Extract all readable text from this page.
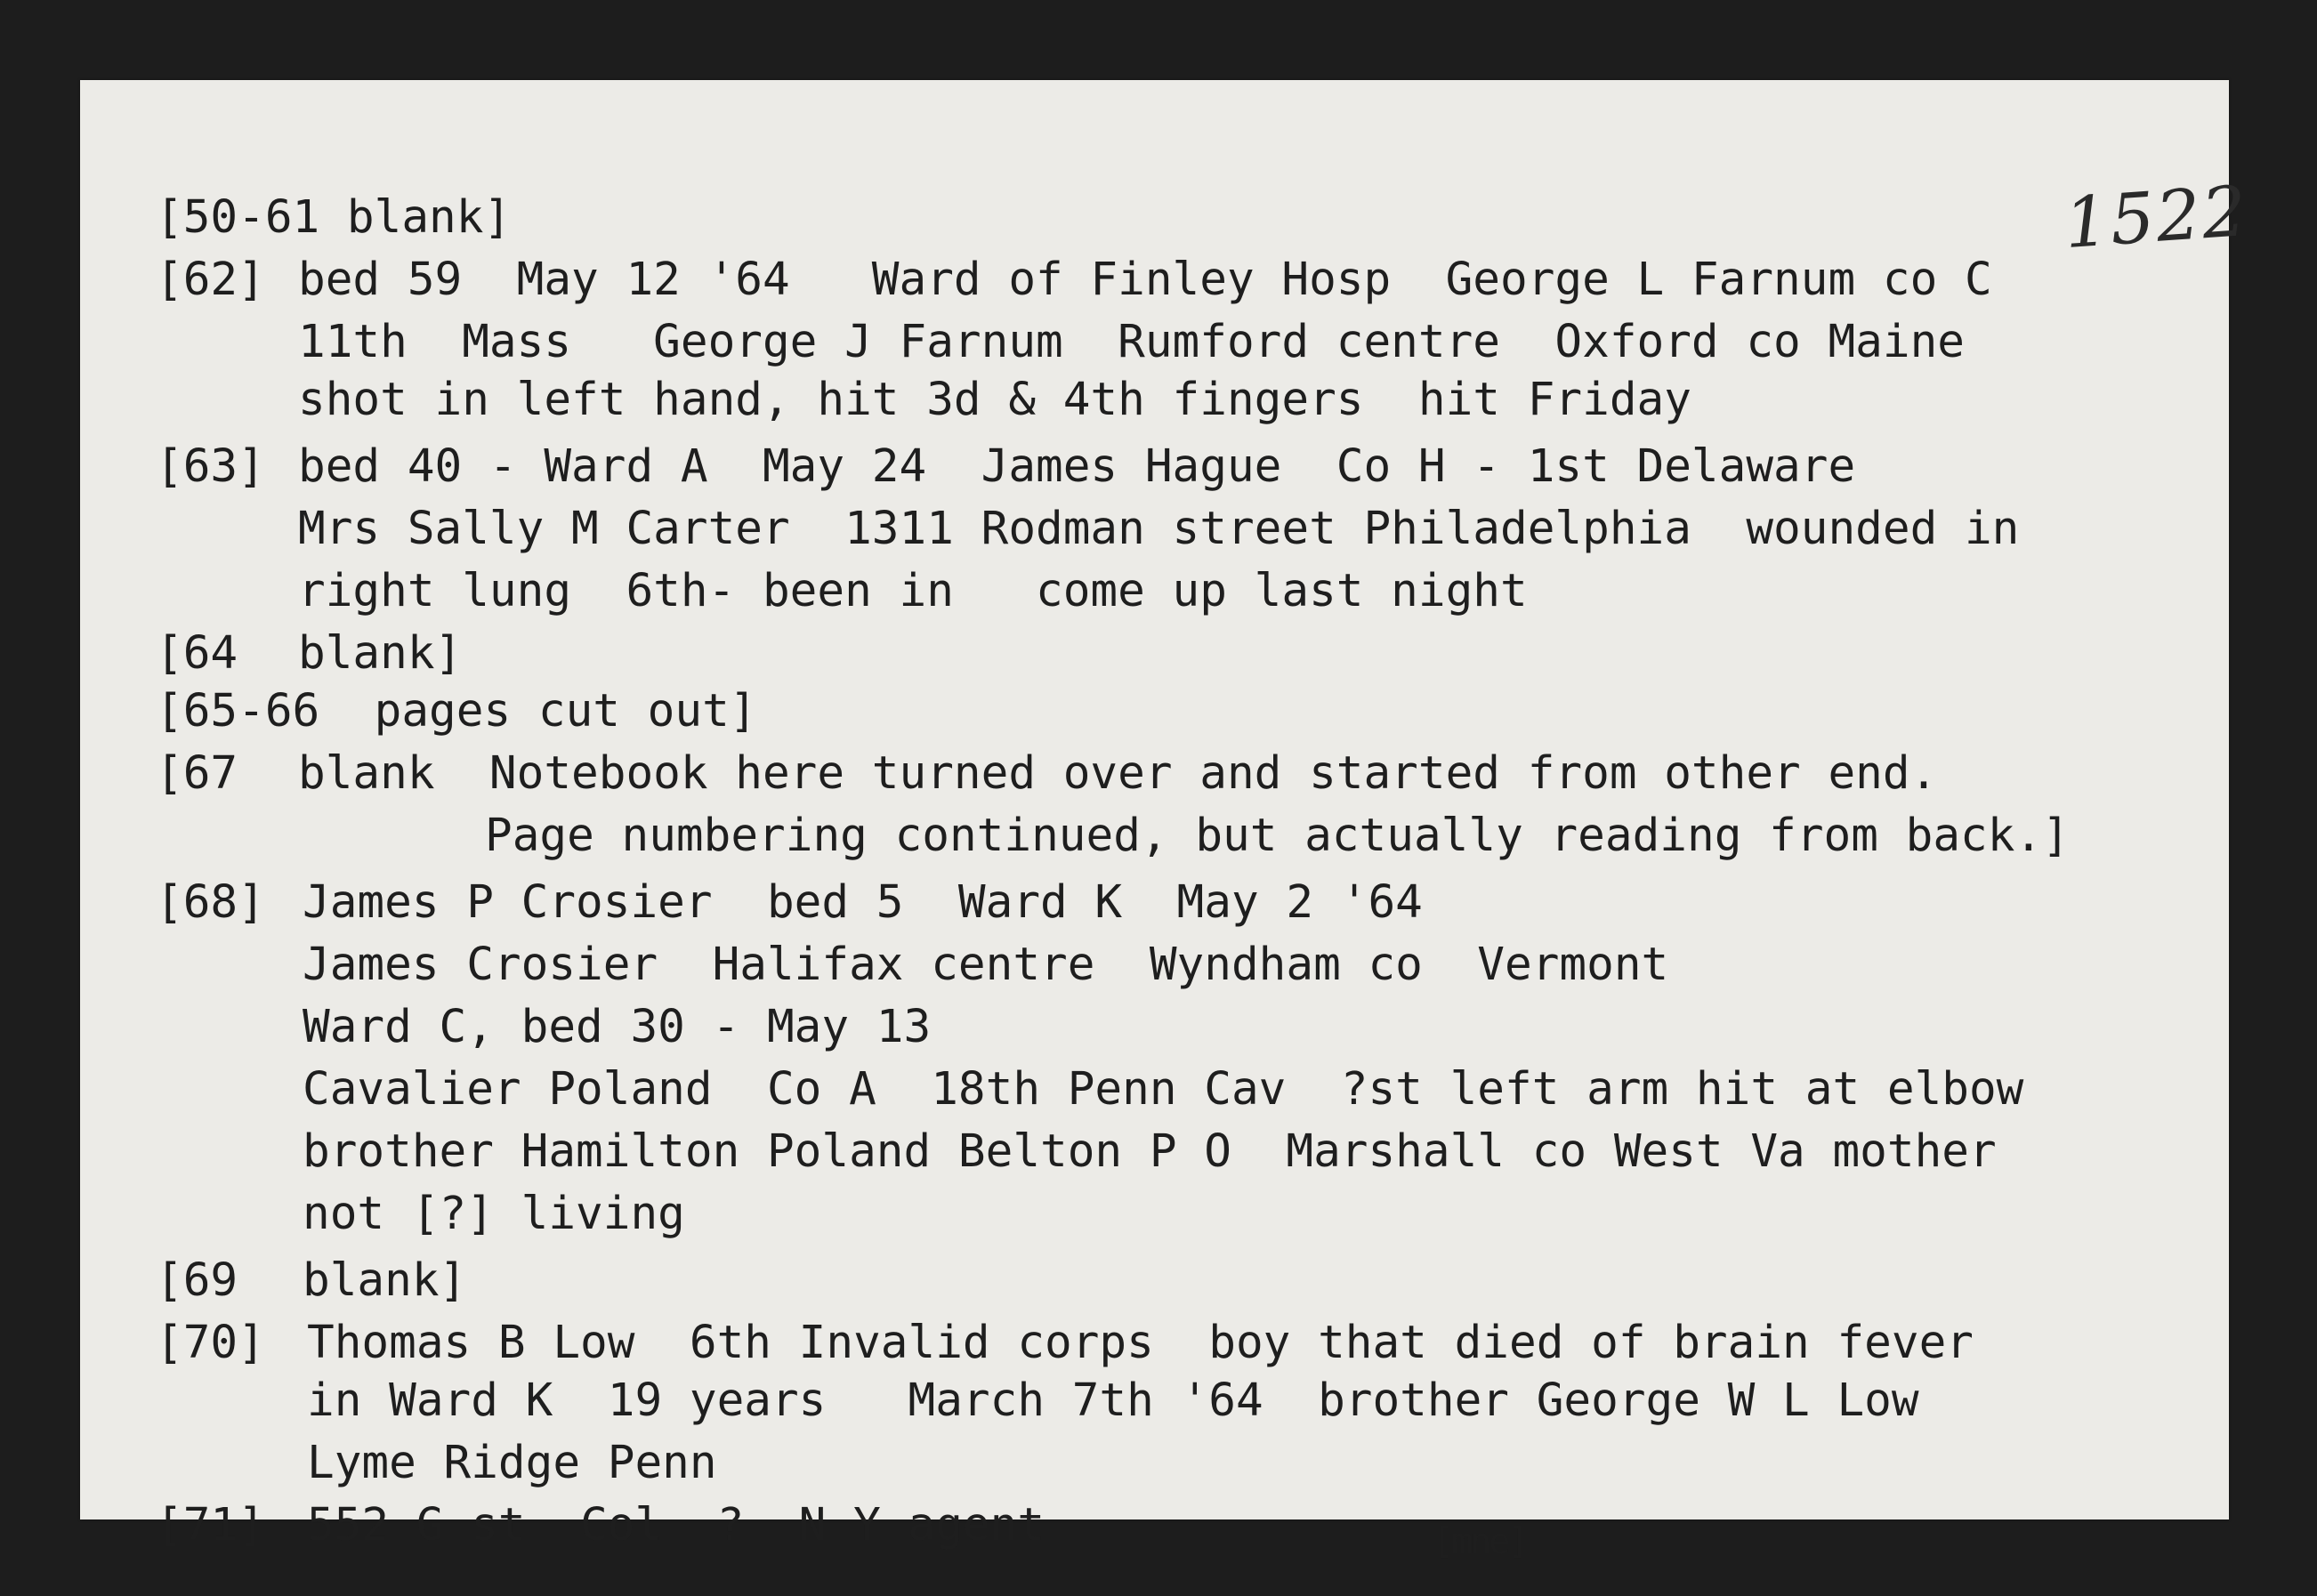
1522
[50-61 blank]
[62] bed 59  May 12 '64   Ward of Finley Hosp  George L Farnum co C
11th  Mass   George J Farnum  Rumford centre  Oxford co Maine
shot in left hand, hit 3d & 4th fingers  hit Friday
[63] bed 40 - Ward A  May 24  James Hague  Co H - 1st Delaware
Mrs Sally M Carter  1311 Rodman street Philadelphia  wounded in
right lung  6th- been in   come up last night
[64 blank]
[65-66  pages cut out]
[67 blank  Notebook here turned over and started from other end.
Page numbering continued, but actually reading from back.]
[68] James P Crosier  bed 5  Ward K  May 2 '64
James Crosier  Halifax centre  Wyndham co  Vermont
Ward C, bed 30 - May 13
Cavalier Poland  Co A  18th Penn Cav  ?st left arm hit at elbow
brother Hamilton Poland Belton P O  Marshall co West Va mother
not [?] living
[69 blank]
[70] Thomas B Low  6th Invalid corps  boy that died of brain fever
in Ward K  19 years   March 7th '64  brother George W L Low
Lyme Ridge Penn
[71] 552 G st  Col  ?  N Y agent	[mne]
